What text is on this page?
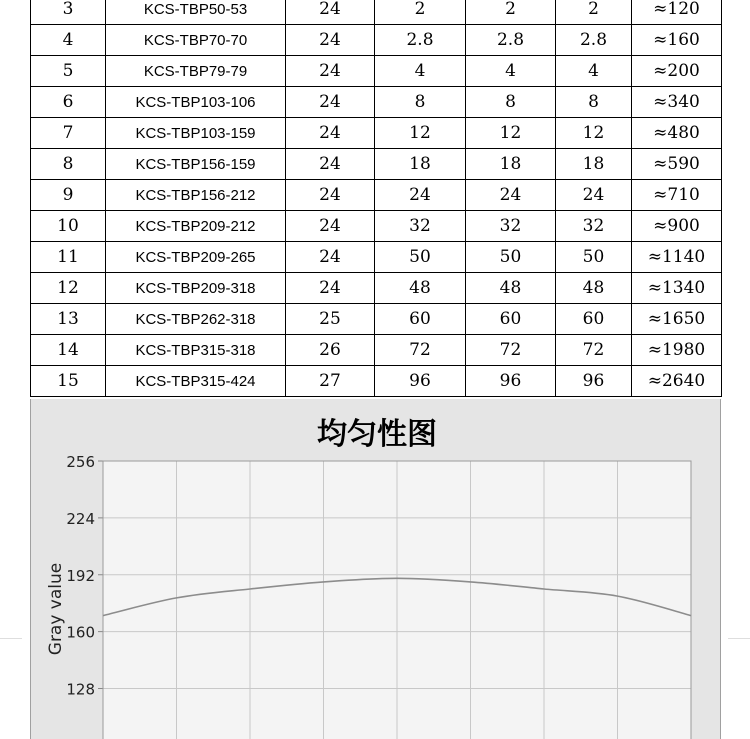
3	KCS-TBP50-53	24	2	2	2	≈120
4	KCS-TBP70-70	24	2.8	2.8	2.8	≈160
5	KCS-TBP79-79	24	4	4	4	≈200
6	KCS-TBP103-106	24	8	8	8	≈340
7	KCS-TBP103-159	24	12	12	12	≈480
8	KCS-TBP156-159	24	18	18	18	≈590
9	KCS-TBP156-212	24	24	24	24	≈710
10	KCS-TBP209-212	24	32	32	32	≈900
11	KCS-TBP209-265	24	50	50	50	≈1140
12	KCS-TBP209-318	24	48	48	48	≈1340
13	KCS-TBP262-318	25	60	60	60	≈1650
14	KCS-TBP315-318	26	72	72	72	≈1980
15	KCS-TBP315-424	27	96	96	96	≈2640
均匀性图
Gray value
256
224
192
160
128
